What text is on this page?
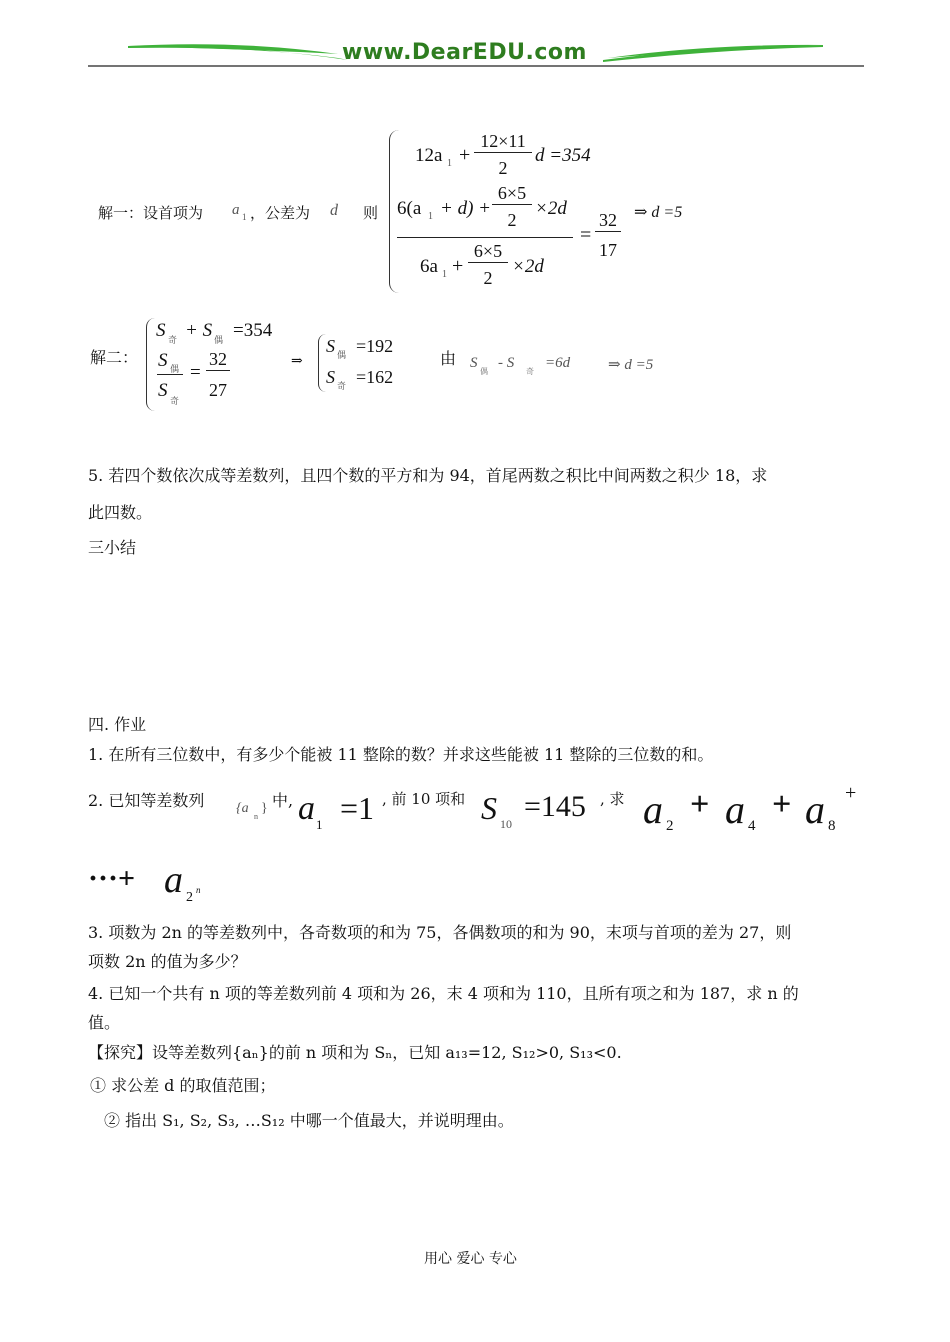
www.DearEDU.com
解一：设首项为 a 1 ，公差为 d 则
12a 1 +
12×11
2
d =354
6(a 1 + d) +
6×5
2
×2d
6a 1 +
6×5
2
×2d
=
32
17
⇒ d =5
解二：
S 奇 + S 偶 =354
S 偶
S
奇
=
32
27
⇒
S 偶 =192
S 奇 =162
由 S
偶
- S
奇
=6d	⇒ d =5
5. 若四个数依次成等差数列，且四个数的平方和为 94，首尾两数之积比中间两数之积少 18，求
此四数。
三小结
四. 作业
1. 在所有三位数中，有多少个能被 11 整除的数？并求这些能被 11 整除的三位数的和。
2. 已知等差数列 {a
n
} 中, a 1 =1 , 前 10 项和 S 10
=145 , 求 a 2
+ a 4
+ a 8
+
···+ a 2 n
3. 项数为 2n 的等差数列中，各奇数项的和为 75，各偶数项的和为 90，末项与首项的差为 27，则
项数 2n 的值为多少？
4. 已知一个共有 n 项的等差数列前 4 项和为 26，末 4 项和为 110，且所有项之和为 187，求 n 的
值。
【探究】设等差数列{aₙ}的前 n 项和为 Sₙ，已知 a₁₃=12, S₁₂>0, S₁₃<0.
① 求公差 d 的取值范围；
② 指出 S₁, S₂, S₃, …S₁₂ 中哪一个值最大，并说明理由。
用心 爱心 专心
